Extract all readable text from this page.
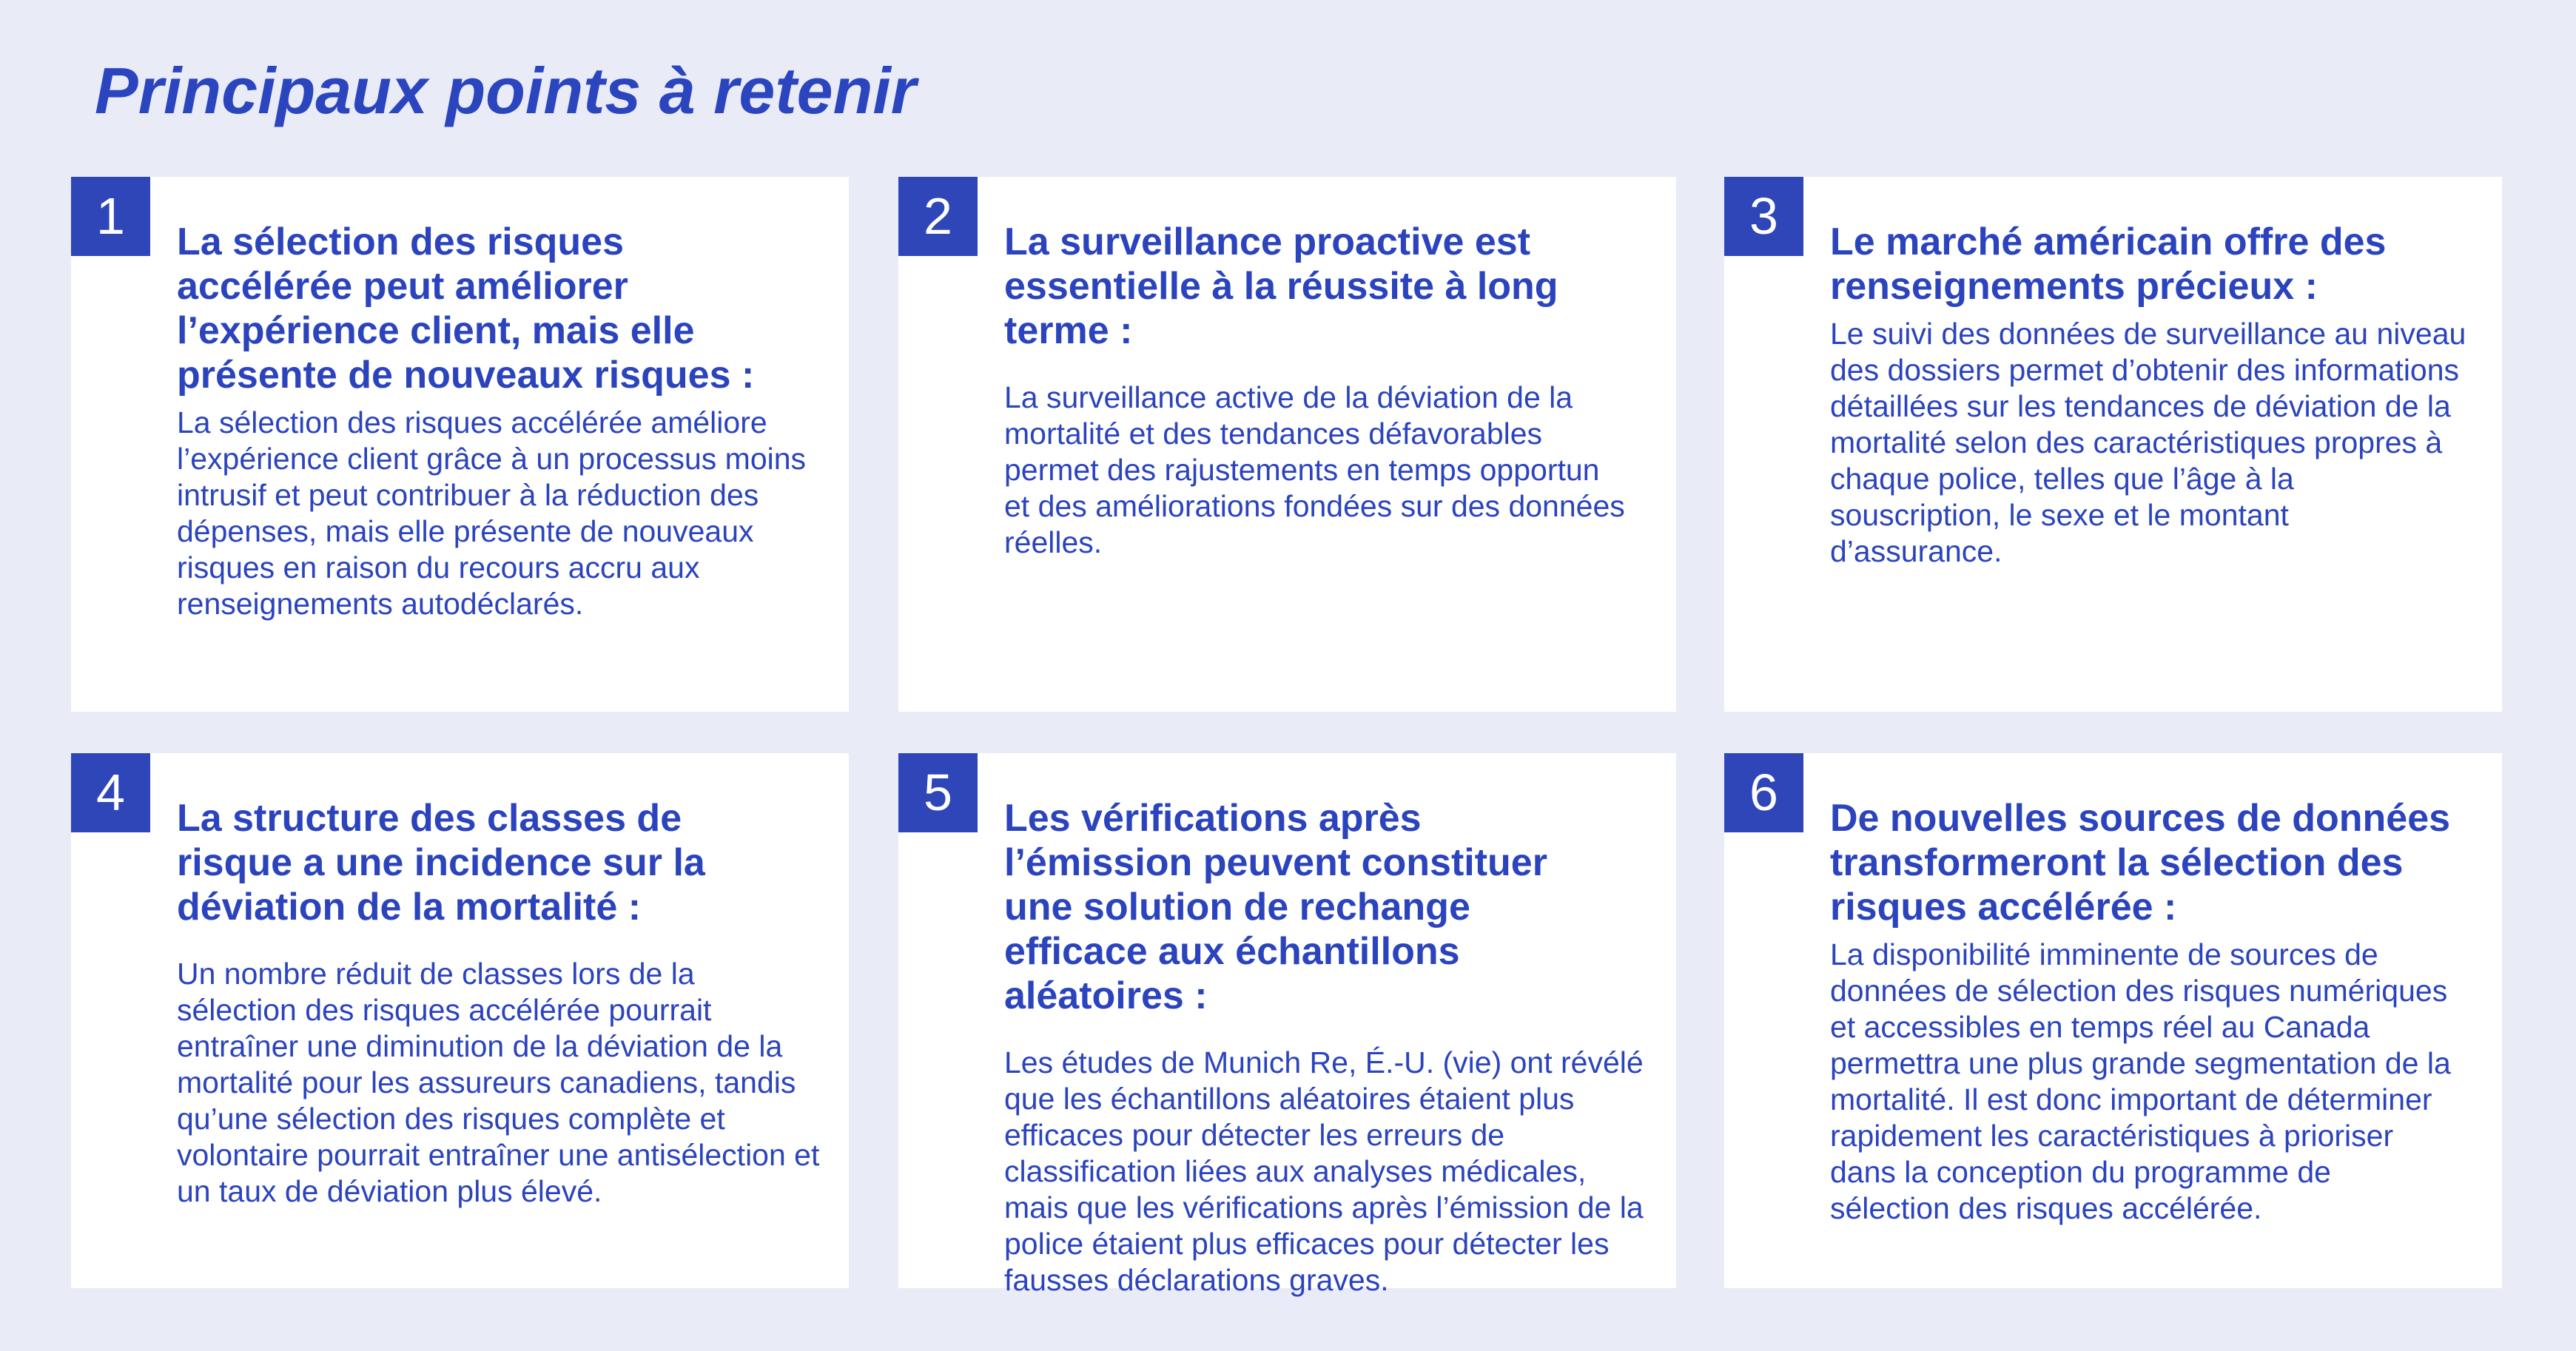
Principaux points à retenir
1	La sélection des risques accélérée peut améliorer l’expérience client, mais elle présente de nouveaux risques :

La sélection des risques accélérée améliore l’expérience client grâce à un processus moins intrusif et peut contribuer à la réduction des dépenses, mais elle présente de nouveaux risques en raison du recours accru aux renseignements autodéclarés.

2	La surveillance proactive est essentielle à la réussite à long terme :

La surveillance active de la déviation de la mortalité et des tendances défavorables permet des rajustements en temps opportun et des améliorations fondées sur des données réelles.

3	Le marché américain offre des renseignements précieux :

Le suivi des données de surveillance au niveau des dossiers permet d’obtenir des informations détaillées sur les tendances de déviation de la mortalité selon des caractéristiques propres à chaque police, telles que l’âge à la souscription, le sexe et le montant d’assurance.

4	La structure des classes de risque a une incidence sur la déviation de la mortalité :

Un nombre réduit de classes lors de la sélection des risques accélérée pourrait entraîner une diminution de la déviation de la mortalité pour les assureurs canadiens, tandis qu’une sélection des risques complète et volontaire pourrait entraîner une antisélection et un taux de déviation plus élevé.

5	Les vérifications après l’émission peuvent constituer une solution de rechange efficace aux échantillons aléatoires :

Les études de Munich Re, É.-U. (vie) ont révélé que les échantillons aléatoires étaient plus efficaces pour détecter les erreurs de classification liées aux analyses médicales, mais que les vérifications après l’émission de la police étaient plus efficaces pour détecter les fausses déclarations graves.

6	De nouvelles sources de données transformeront la sélection des risques accélérée :

La disponibilité imminente de sources de données de sélection des risques numériques et accessibles en temps réel au Canada permettra une plus grande segmentation de la mortalité. Il est donc important de déterminer rapidement les caractéristiques à prioriser dans la conception du programme de sélection des risques accélérée.
